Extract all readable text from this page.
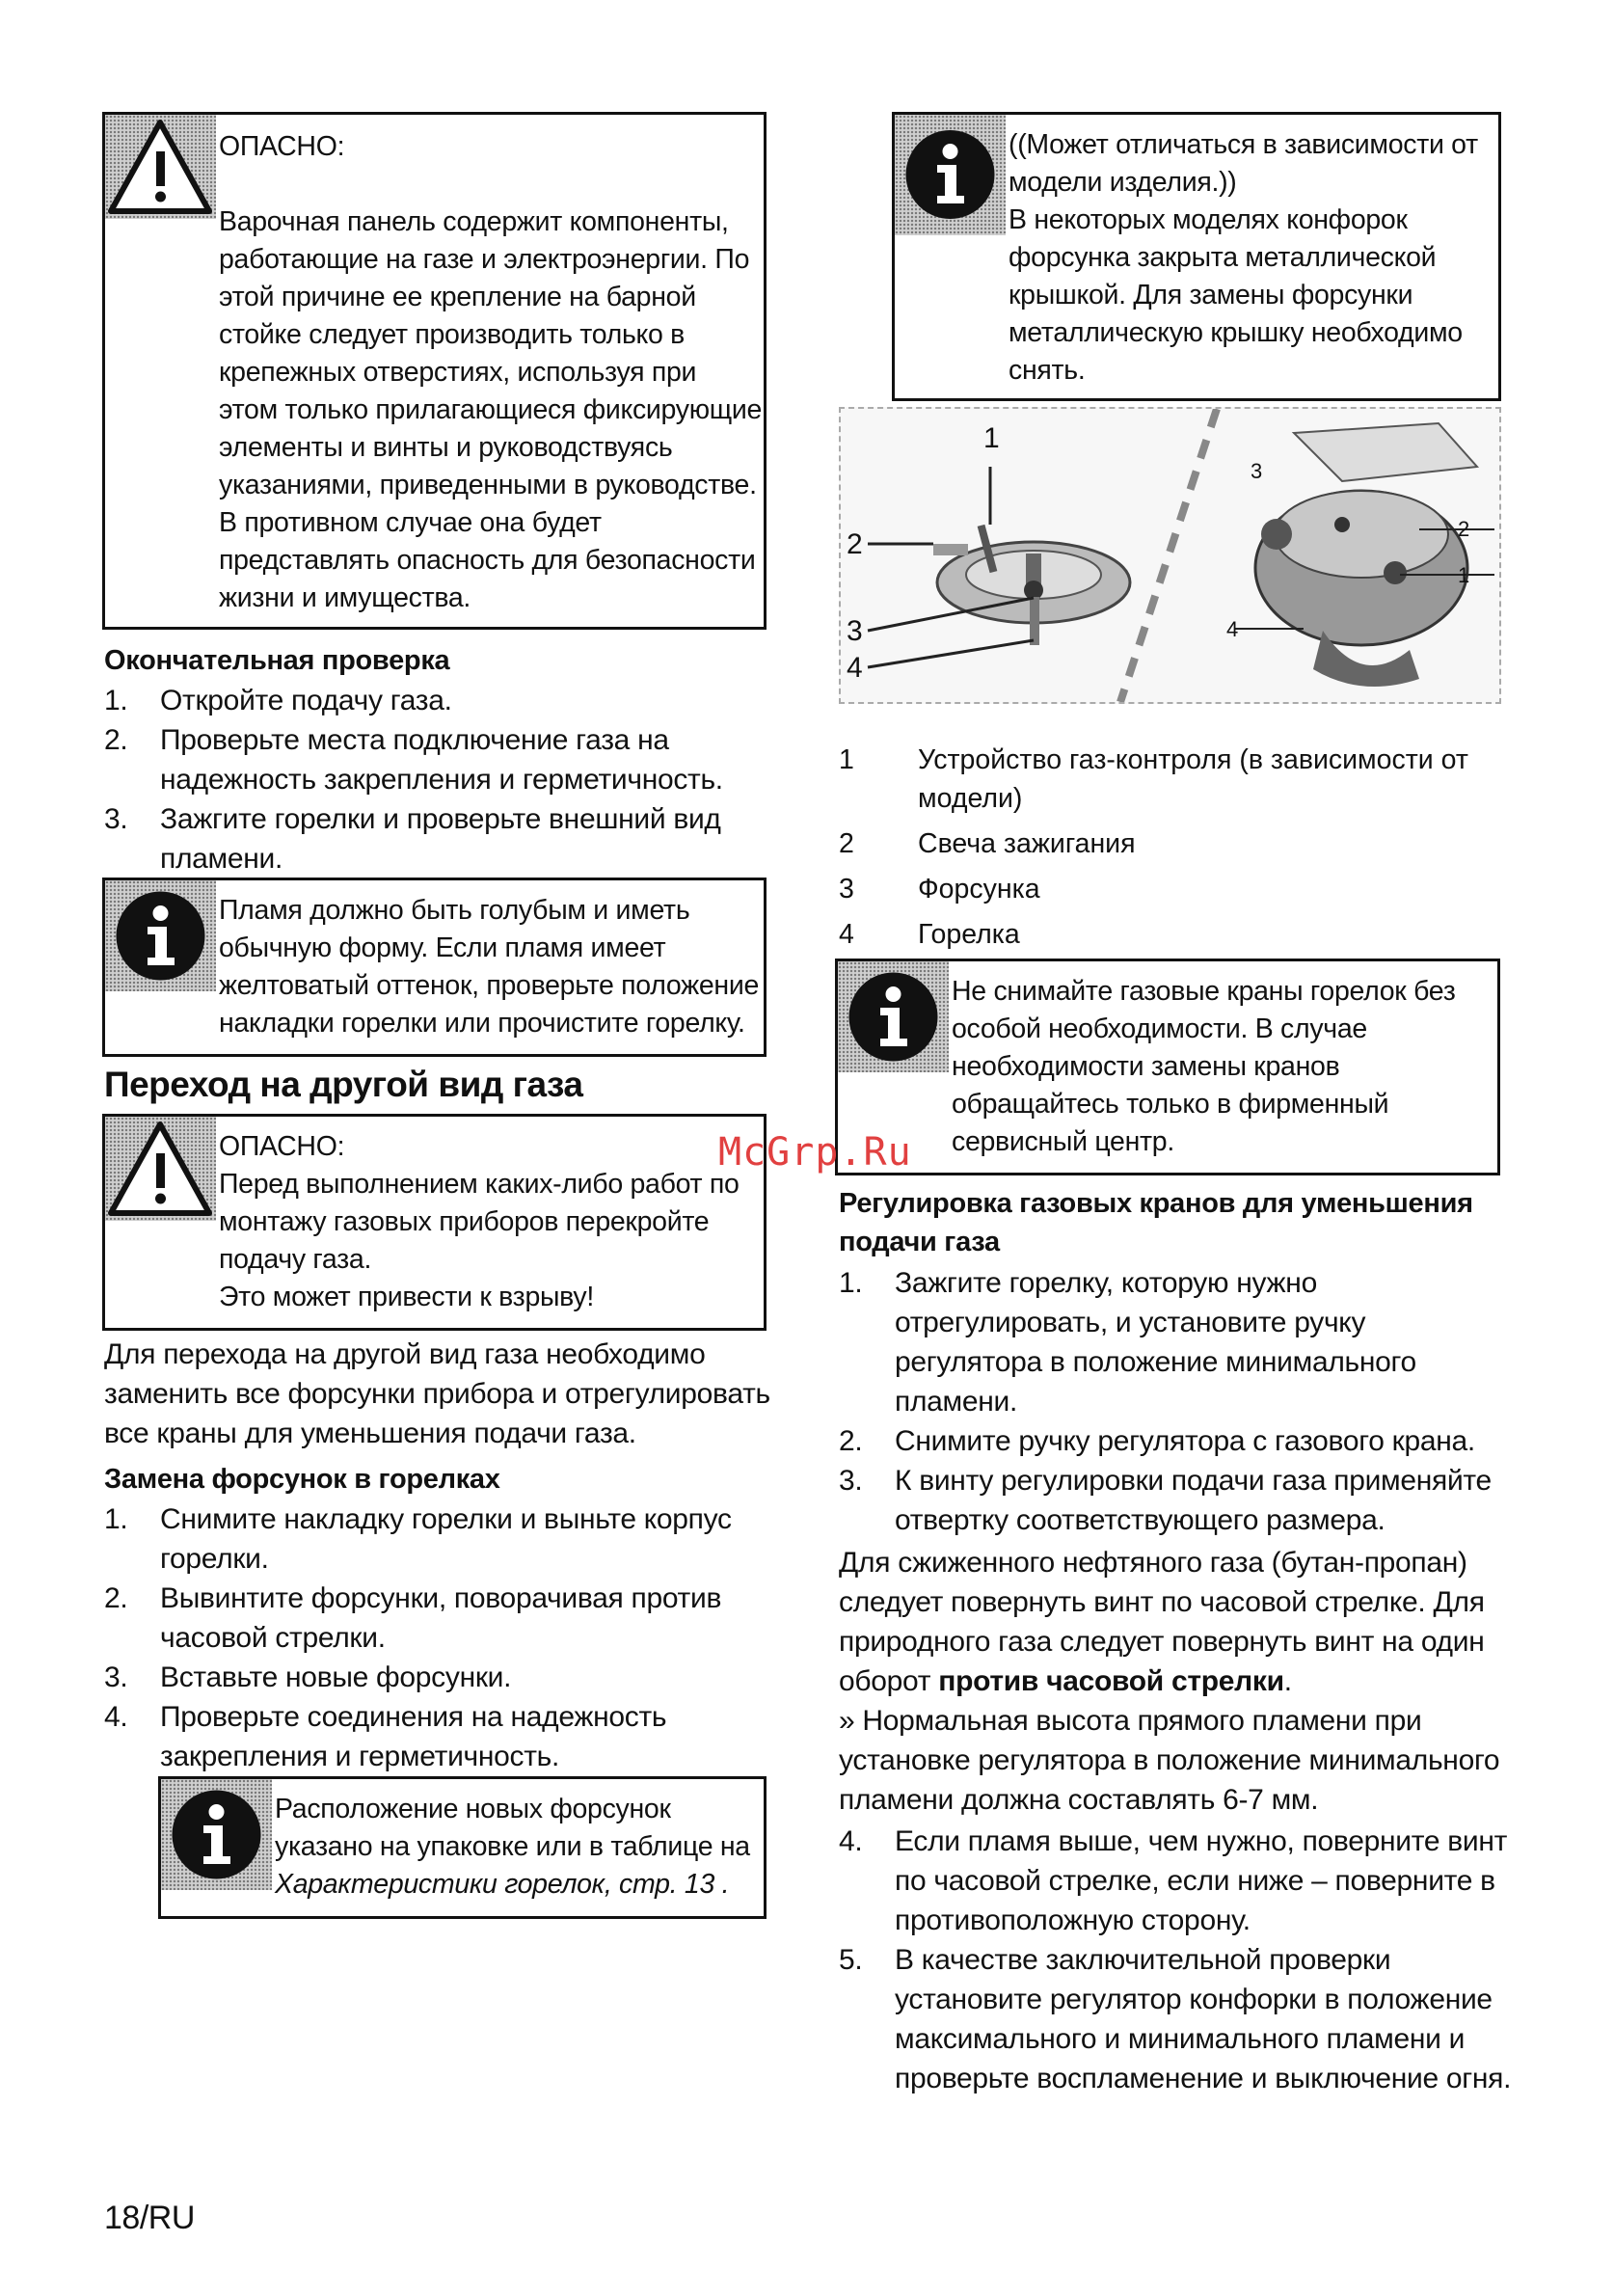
ОПАСНО:
Варочная панель содержит компоненты,
работающие на газе и электроэнергии. По
этой причине ее крепление на барной
стойке следует производить только в
крепежных отверстиях, используя при
этом только прилагающиеся фиксирующие
элементы и винты и руководствуясь
указаниями, приведенными в руководстве.
В противном случае она будет
представлять опасность для безопасности
жизни и имущества.
Окончательная проверка
1. Откройте подачу газа.
2. Проверьте места подключение газа на
надежность закрепления и герметичность.
3. Зажгите горелки и проверьте внешний вид
пламени.
Пламя должно быть голубым и иметь
обычную форму. Если пламя имеет
желтоватый оттенок, проверьте положение
накладки горелки или прочистите горелку.
Переход на другой вид газа
ОПАСНО:
Перед выполнением каких-либо работ по
монтажу газовых приборов перекройте
подачу газа.
Это может привести к взрыву!
Для перехода на другой вид газа необходимо
заменить все форсунки прибора и отрегулировать
все краны для уменьшения подачи газа.
Замена форсунок в горелках
1. Снимите накладку горелки и выньте корпус
горелки.
2. Вывинтите форсунки, поворачивая против
часовой стрелки.
3. Вставьте новые форсунки.
4. Проверьте соединения на надежность
закрепления и герметичность.
Расположение новых форсунок
указано на упаковке или в таблице на
Характеристики горелок, стр. 13 .
((Может отличаться в зависимости от
модели изделия.))
В некоторых моделях конфорок
форсунка закрыта металлической
крышкой. Для замены форсунки
металлическую крышку необходимо
снять.
1
2
3
4
3
2
1
4
1 Устройство газ-контроля (в зависимости от
модели)
2 Свеча зажигания
3 Форсунка
4 Горелка
Не снимайте газовые краны горелок без
особой необходимости. В случае
необходимости замены кранов
обращайтесь только в фирменный
сервисный центр.
McGrp.Ru
Регулировка газовых кранов для уменьшения
подачи газа
1. Зажгите горелку, которую нужно
отрегулировать, и установите ручку
регулятора в положение минимального
пламени.
2. Снимите ручку регулятора с газового крана.
3. К винту регулировки подачи газа применяйте
отвертку соответствующего размера.
Для сжиженного нефтяного газа (бутан-пропан)
следует повернуть винт по часовой стрелке. Для
природного газа следует повернуть винт на один
оборот против часовой стрелки.
» Нормальная высота прямого пламени при
установке регулятора в положение минимального
пламени должна составлять 6-7 мм.
4. Если пламя выше, чем нужно, поверните винт
по часовой стрелке, если ниже – поверните в
противоположную сторону.
5. В качестве заключительной проверки
установите регулятор конфорки в положение
максимального и минимального пламени и
проверьте воспламенение и выключение огня.
18/RU
